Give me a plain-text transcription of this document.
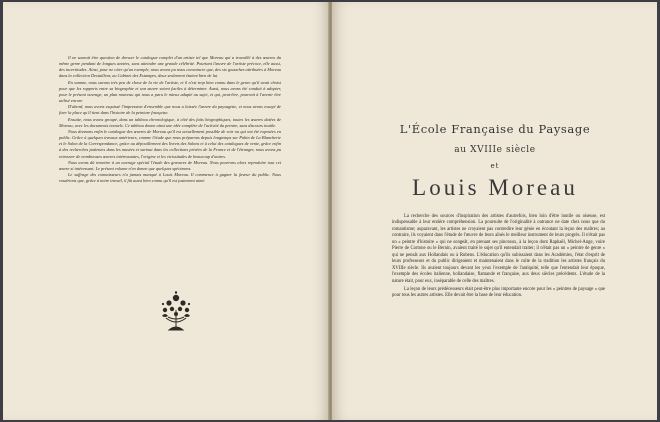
Il ne saurait être question de dresser le catalogue complet d'un artiste tel que Moreau qui a travaillé à des œuvres du même genre pendant de longues années, sans atteindre une grande célébrité. Pourtant l'œuvre de l'artiste précoce, elle aussi, des incertitudes. Ainsi, pour ne citer qu'un exemple, nous avons pu nous convaincre que, des six gouaches attribuées à Moreau dans la collection Destailleur, au Cabinet des Estampes, deux seulement étaient bien de lui.

En somme, nous savons très peu de chose de la vie de l'artiste, et il n'est trop bien connu dans le genre qu'il avait choisi pour que les rapports entre sa biographie et son œuvre soient faciles à déterminer. Aussi, nous avons été conduit à adopter, pour le présent ouvrage, un plan nouveau qui nous a paru le mieux adapté au sujet, et qui, peut-être, pourrait à l'avenir être utilisé encore.

D'abord, nous avons esquissé l'impression d'ensemble que nous a laissée l'œuvre du paysagiste, et nous avons essayé de fixer la place qu'il tient dans l'histoire de la peinture française.

Ensuite, nous avons groupé, dans un tableau chronologique, à côté des faits biographiques, toutes les œuvres datées de Moreau, avec les documents textuels. Ce tableau donne ainsi une idée complète de l'activité du peintre, sans discours inutile.

Nous donnons enfin le catalogue des œuvres de Moreau qu'il est actuellement possible de voir ou qui ont été exposées en public. Grâce à quelques travaux antérieurs, comme l'étude que nous préparons depuis longtemps sur Pahin de La Blancherie et le Salon de la Correspondance, grâce au dépouillement des livrets des Salons et à celui des catalogues de vente, grâce enfin à des recherches patientes dans les musées et surtout dans les collections privées de la France et de l'étranger, nous avons pu retrouver de nombreuses œuvres intéressantes, l'origine et les vicissitudes de beaucoup d'autres.

Nous avons dû remettre à un ouvrage spécial l'étude des gravures de Moreau. Nous pourrons alors reproduire tout cet œuvre si intéressant. Le présent volume n'en donne que quelques spécimens.

Le suffrage des connaisseurs n'a jamais manqué à Louis Moreau. Il commence à gagner la faveur du public. Nous voudrions que, grâce à notre travail, il fût aussi bien connu qu'il est justement aimé.

L'École Française du Paysage
au XVIIIe siècle
et
Louis Moreau

La recherche des sources d'inspiration des artistes d'autrefois, bien loin d'être inutile ou oiseuse, est indispensable à leur entière compréhension. La poursuite de l'originalité à outrance ne date chez nous que du romantisme; auparavant, les artistes ne croyaient pas contredire leur génie en écoutant la leçon des maîtres; au contraire, ils voyaient dans l'étude de l'œuvre de leurs aînés le meilleur instrument de leurs progrès. Il n'était pas un « peintre d'histoire » qui ne songeât, en prenant ses pinceaux, à la leçon dont Raphaël, Michel-Ange, voire Pierre de Cortone ou le Bernin, avaient traité le sujet qu'il entendait traiter; il n'était pas un « peintre de genre » qui ne pensât aux Hollandais ou à Rubens. L'éducation qu'ils subissaient dans les Académies, l'état d'esprit de leurs professeurs et du public dirigeaient et maintenaient dans le culte de la tradition les artistes français du XVIIIe siècle. Ils avaient toujours devant les yeux l'exemple de l'antiquité, telle que l'entendait leur époque, l'exemple des écoles italienne, hollandaise, flamande et française, aux deux siècles précédents. L'étude de la nature était, pour eux, inséparable de celle des maîtres.

La leçon de leurs prédécesseurs était peut-être plus importante encore pour les « peintres de paysage » que pour tous les autres artistes. Elle devait être la base de leur éducation.
